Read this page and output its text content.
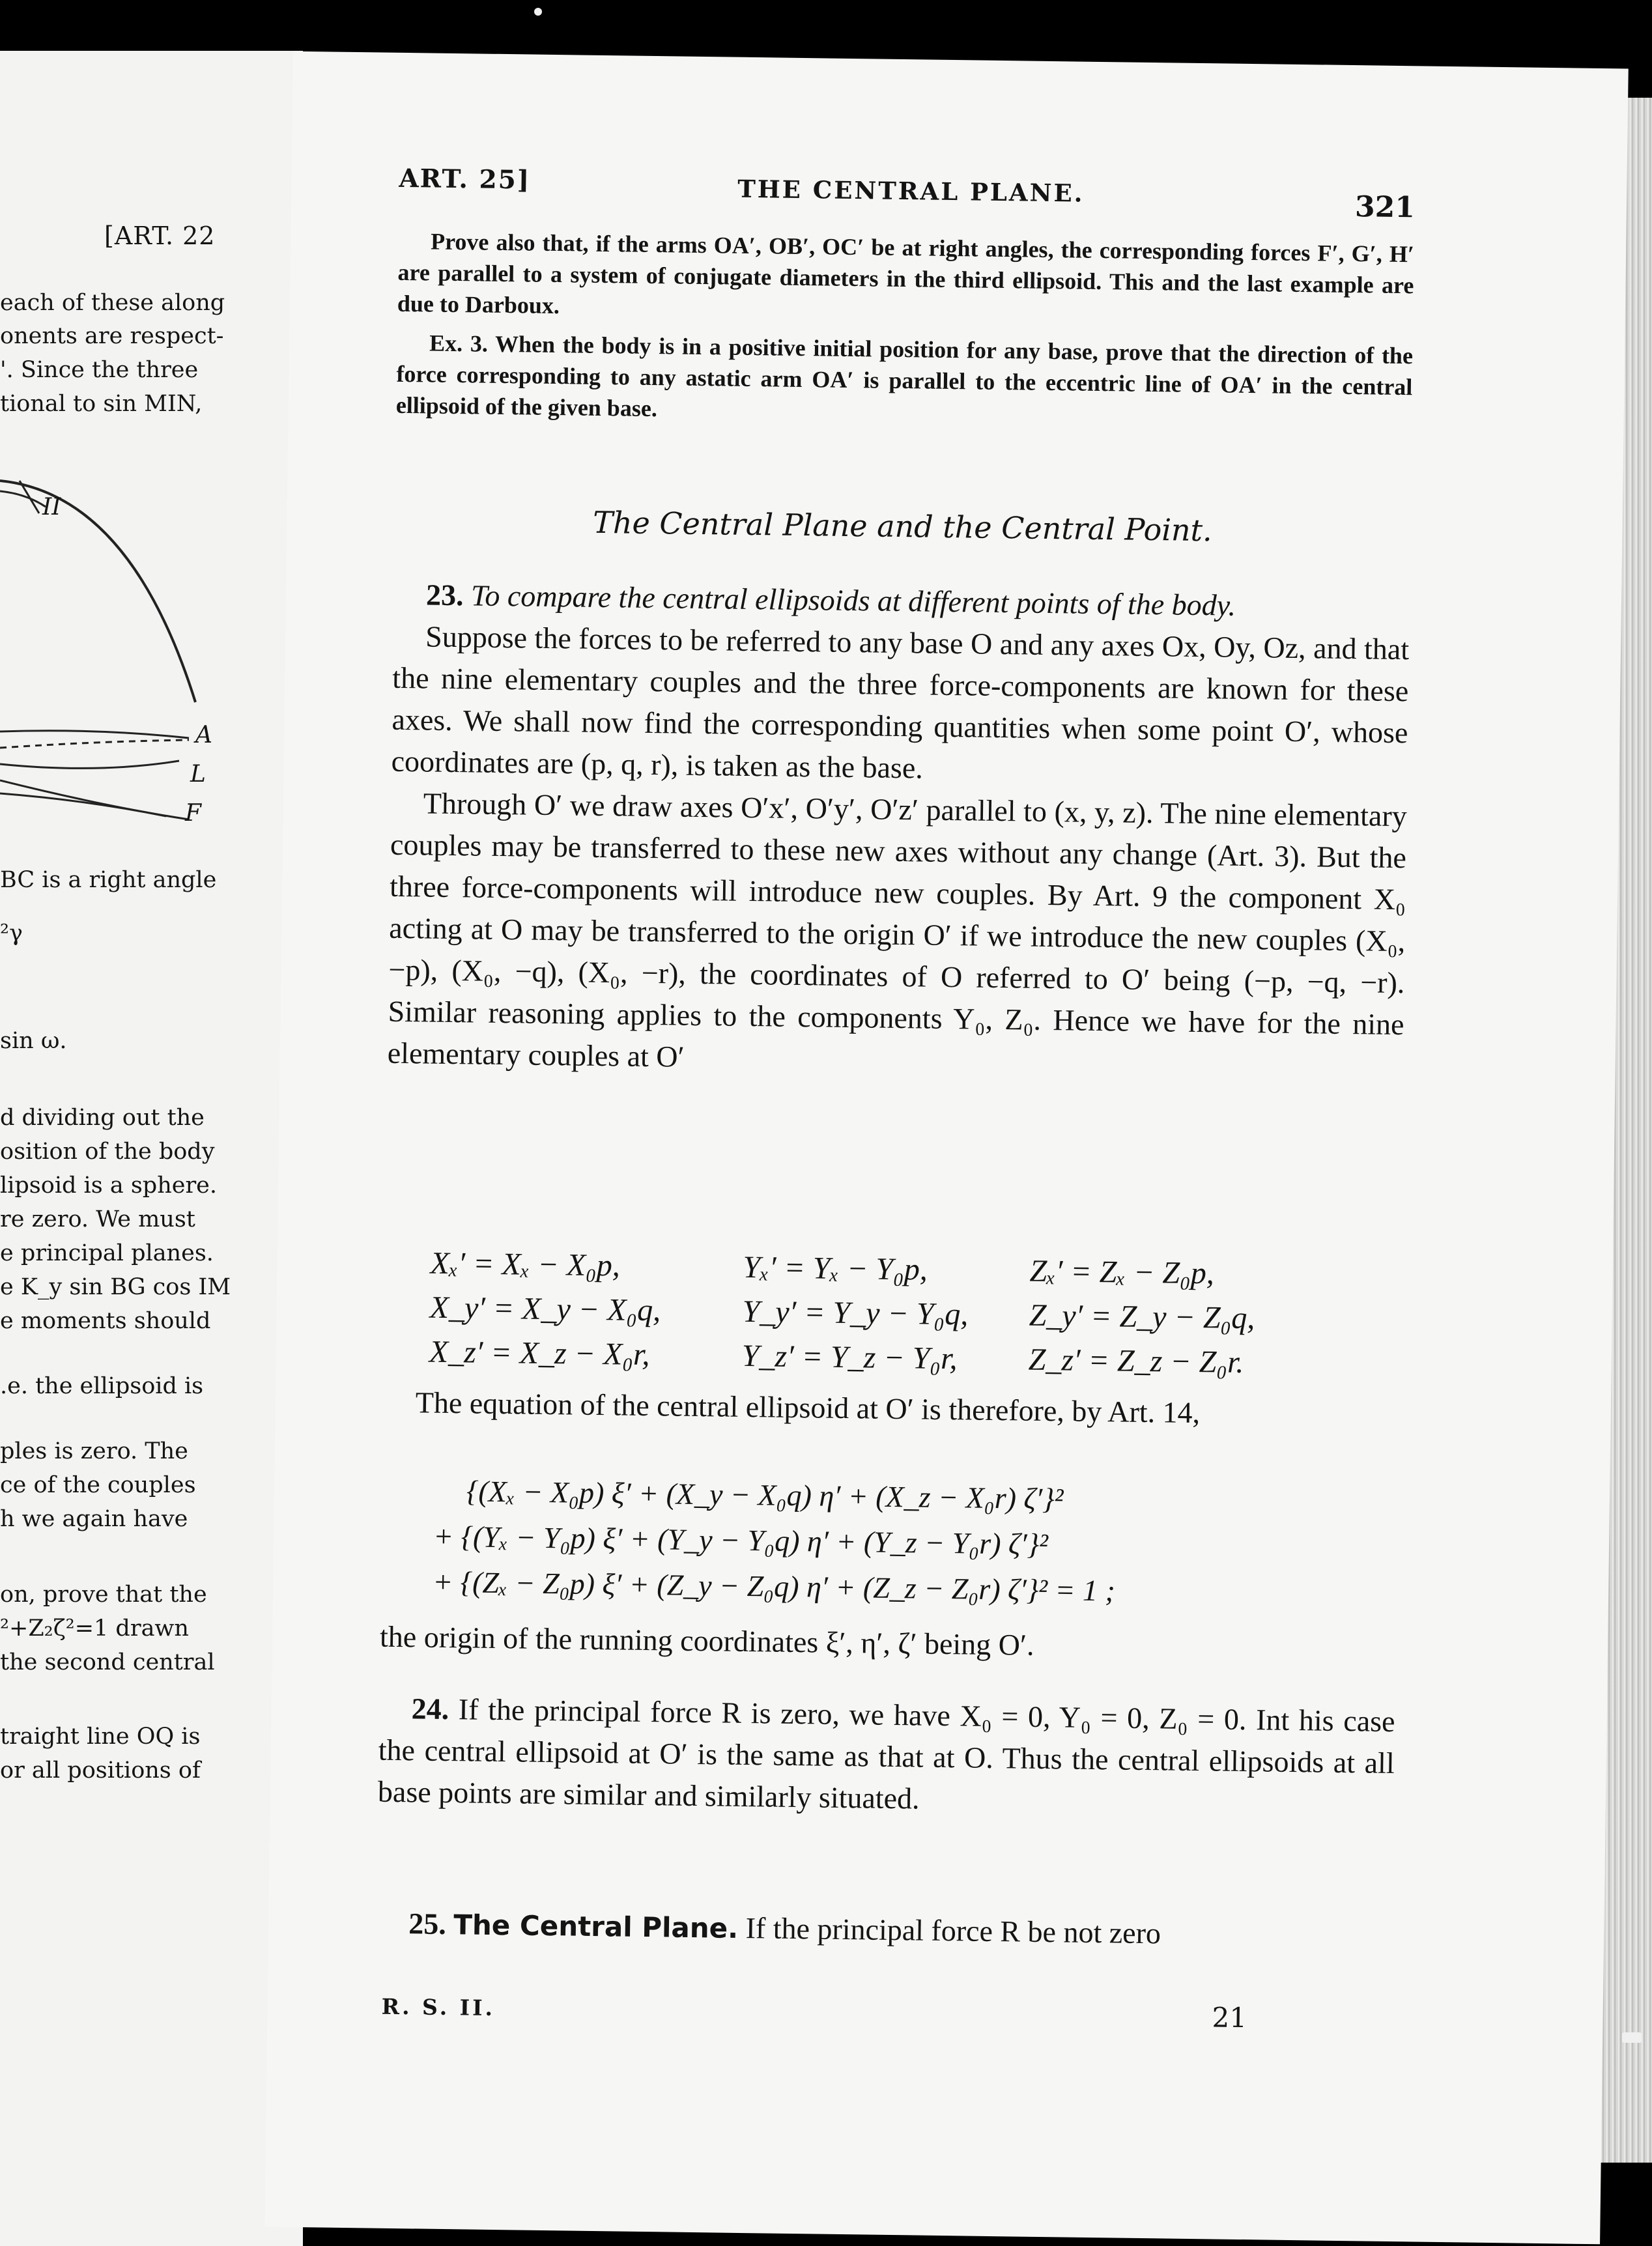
[ART. 22
each of these along
onents are respect-
'. Since the three
tional to sin MIN,
II
A
L
F
BC is a right angle
²γ
sin ω.
d dividing out the
osition of the body
lipsoid is a sphere.
re zero. We must
e principal planes.
e K_y sin BG cos IM
e moments should
.e. the ellipsoid is
ples is zero. The
ce of the couples
h we again have
on, prove that the
²+Z₂ζ²=1 drawn
the second central
traight line OQ is
or all positions of
ART. 25]	THE CENTRAL PLANE.	321

Prove also that, if the arms OA′, OB′, OC′ be at right angles, the corresponding forces F′, G′, H′ are parallel to a system of conjugate diameters in the third ellipsoid. This and the last example are due to Darboux.

Ex. 3. When the body is in a positive initial position for any base, prove that the direction of the force corresponding to any astatic arm OA′ is parallel to the eccentric line of OA′ in the central ellipsoid of the given base.

The Central Plane and the Central Point.

23. To compare the central ellipsoids at different points of the body.

Suppose the forces to be referred to any base O and any axes Ox, Oy, Oz, and that the nine elementary couples and the three force-components are known for these axes. We shall now find the corresponding quantities when some point O′, whose coordinates are (p, q, r), is taken as the base.

Through O′ we draw axes O′x′, O′y′, O′z′ parallel to (x, y, z). The nine elementary couples may be transferred to these new axes without any change (Art. 3). But the three force-components will introduce new couples. By Art. 9 the component X₀ acting at O may be transferred to the origin O′ if we introduce the new couples (X₀, −p), (X₀, −q), (X₀, −r), the coordinates of O referred to O′ being (−p, −q, −r). Similar reasoning applies to the components Y₀, Z₀. Hence we have for the nine elementary couples at O′

Xₓ′ = Xₓ − X₀p,	Yₓ′ = Yₓ − Y₀p,	Zₓ′ = Zₓ − Z₀p,
X_y′ = X_y − X₀q,	Y_y′ = Y_y − Y₀q, Z_y′ = Z_y − Z₀q,
X_z′ = X_z − X₀r,	Y_z′ = Y_z − Y₀r, Z_z′ = Z_z − Z₀r.

The equation of the central ellipsoid at O′ is therefore, by Art. 14,

{(Xₓ − X₀p) ξ′ + (X_y − X₀q) η′ + (X_z − X₀r) ζ′}²
+ {(Yₓ − Y₀p) ξ′ + (Y_y − Y₀q) η′ + (Y_z − Y₀r) ζ′}²
+ {(Zₓ − Z₀p) ξ′ + (Z_y − Z₀q) η′ + (Z_z − Z₀r) ζ′}² = 1 ;

the origin of the running coordinates ξ′, η′, ζ′ being O′.

24. If the principal force R is zero, we have X₀ = 0, Y₀ = 0, Z₀ = 0. Int his case the central ellipsoid at O′ is the same as that at O. Thus the central ellipsoids at all base points are similar and similarly situated.

25. The Central Plane. If the principal force R be not zero

R. S. II.	21
